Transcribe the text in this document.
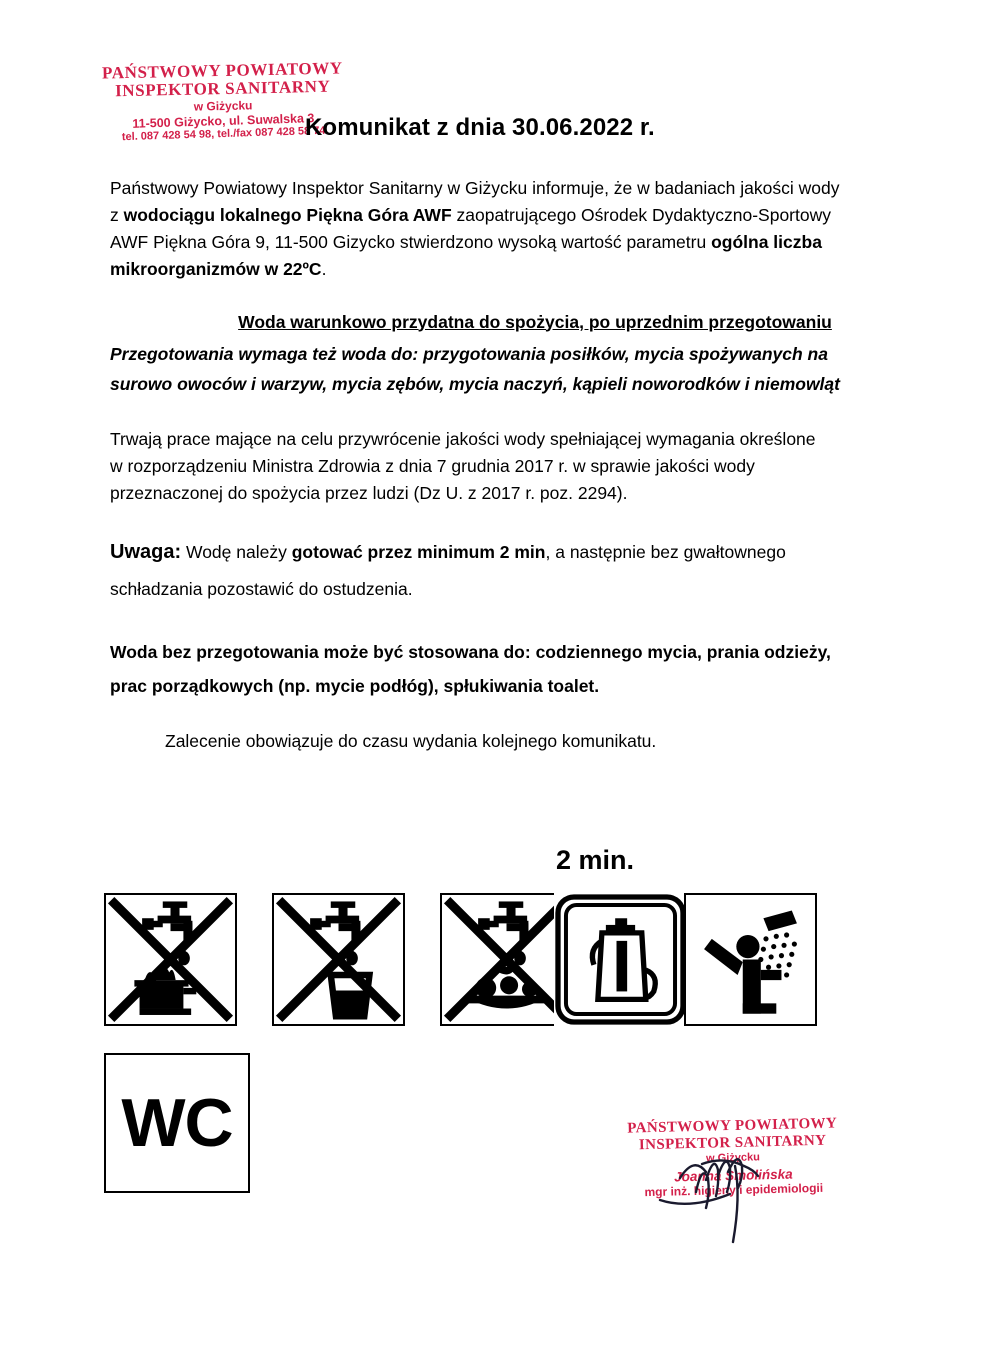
PAŃSTWOWY POWIATOWY
INSPEKTOR SANITARNY
w Giżycku
11-500 Giżycko, ul. Suwalska 3
tel. 087 428 54 98, tel./fax 087 428 58 74
Komunikat z dnia 30.06.2022 r.

Państwowy Powiatowy Inspektor Sanitarny w Giżycku informuje, że w badaniach jakości wody
z wodociągu lokalnego Piękna Góra AWF zaopatrującego Ośrodek Dydaktyczno-Sportowy
AWF Piękna Góra 9, 11-500 Gizycko stwierdzono wysoką wartość parametru ogólna liczba
mikroorganizmów w 22ºC.

Woda warunkowo przydatna do spożycia, po uprzednim przegotowaniu

Przegotowania wymaga też woda do: przygotowania posiłków, mycia spożywanych na
surowo owoców i warzyw, mycia zębów, mycia naczyń, kąpieli noworodków i niemowląt

Trwają prace mające na celu przywrócenie jakości wody spełniającej wymagania określone
w rozporządzeniu Ministra Zdrowia z dnia 7 grudnia 2017 r. w sprawie jakości wody
przeznaczonej do spożycia przez ludzi (Dz U. z 2017 r. poz. 2294).

Uwaga: Wodę należy gotować przez minimum 2 min, a następnie bez gwałtownego
schładzania pozostawić do ostudzenia.

Woda bez przegotowania może być stosowana do: codziennego mycia, prania odzieży,
prac porządkowych (np. mycie podłóg), spłukiwania toalet.

Zalecenie obowiązuje do czasu wydania kolejnego komunikatu.

2 min.
WC	PAŃSTWOWY POWIATOWY
INSPEKTOR SANITARNY
w Giżycku
Joanna Smolińska
mgr inż. higieny i epidemiologii
